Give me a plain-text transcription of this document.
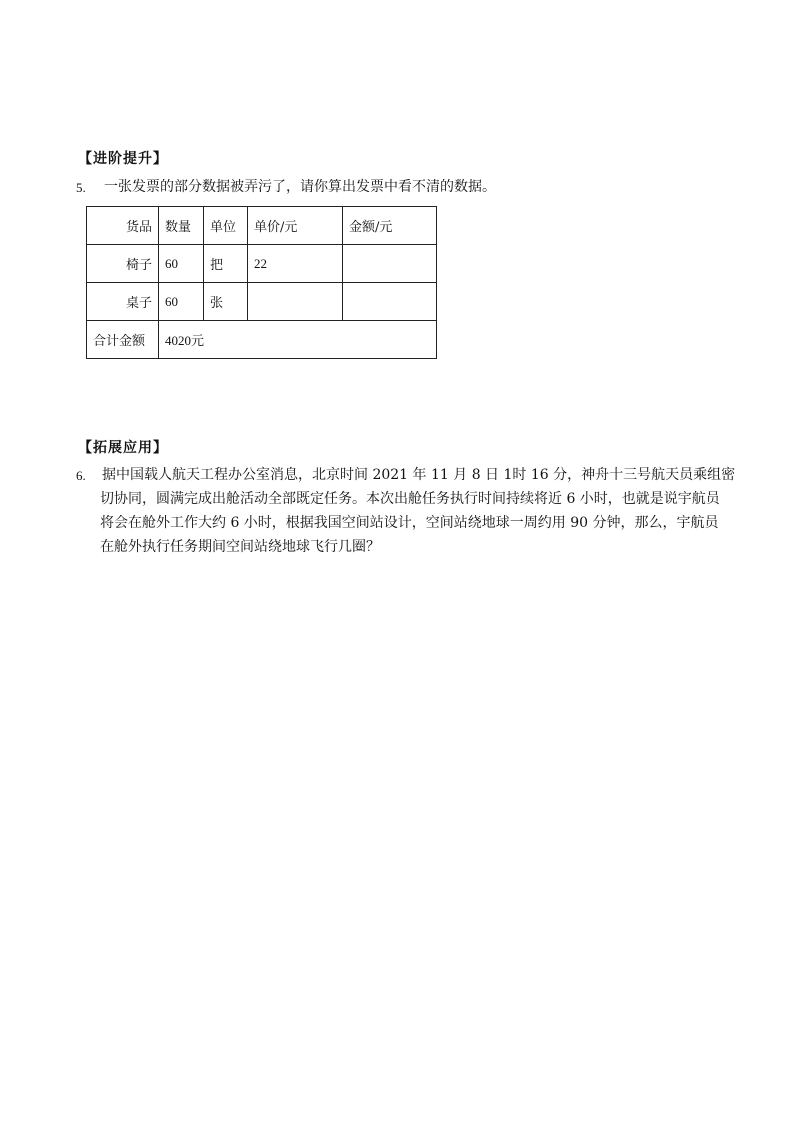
【进阶提升】
5. 一张发票的部分数据被弄污了，请你算出发票中看不清的数据。
货品	数量	单位	单价/元	金额/元
椅子	60	把	22	
桌子	60	张		
合计金额	4020元			
【拓展应用】
6. 据中国载人航天工程办公室消息，北京时间 2021 年 11 月 8 日 1时 16 分，神舟十三号航天员乘组密
切协同，圆满完成出舱活动全部既定任务。本次出舱任务执行时间持续将近 6 小时，也就是说宇航员
将会在舱外工作大约 6 小时，根据我国空间站设计，空间站绕地球一周约用 90 分钟，那么，宇航员
在舱外执行任务期间空间站绕地球飞行几圈？
